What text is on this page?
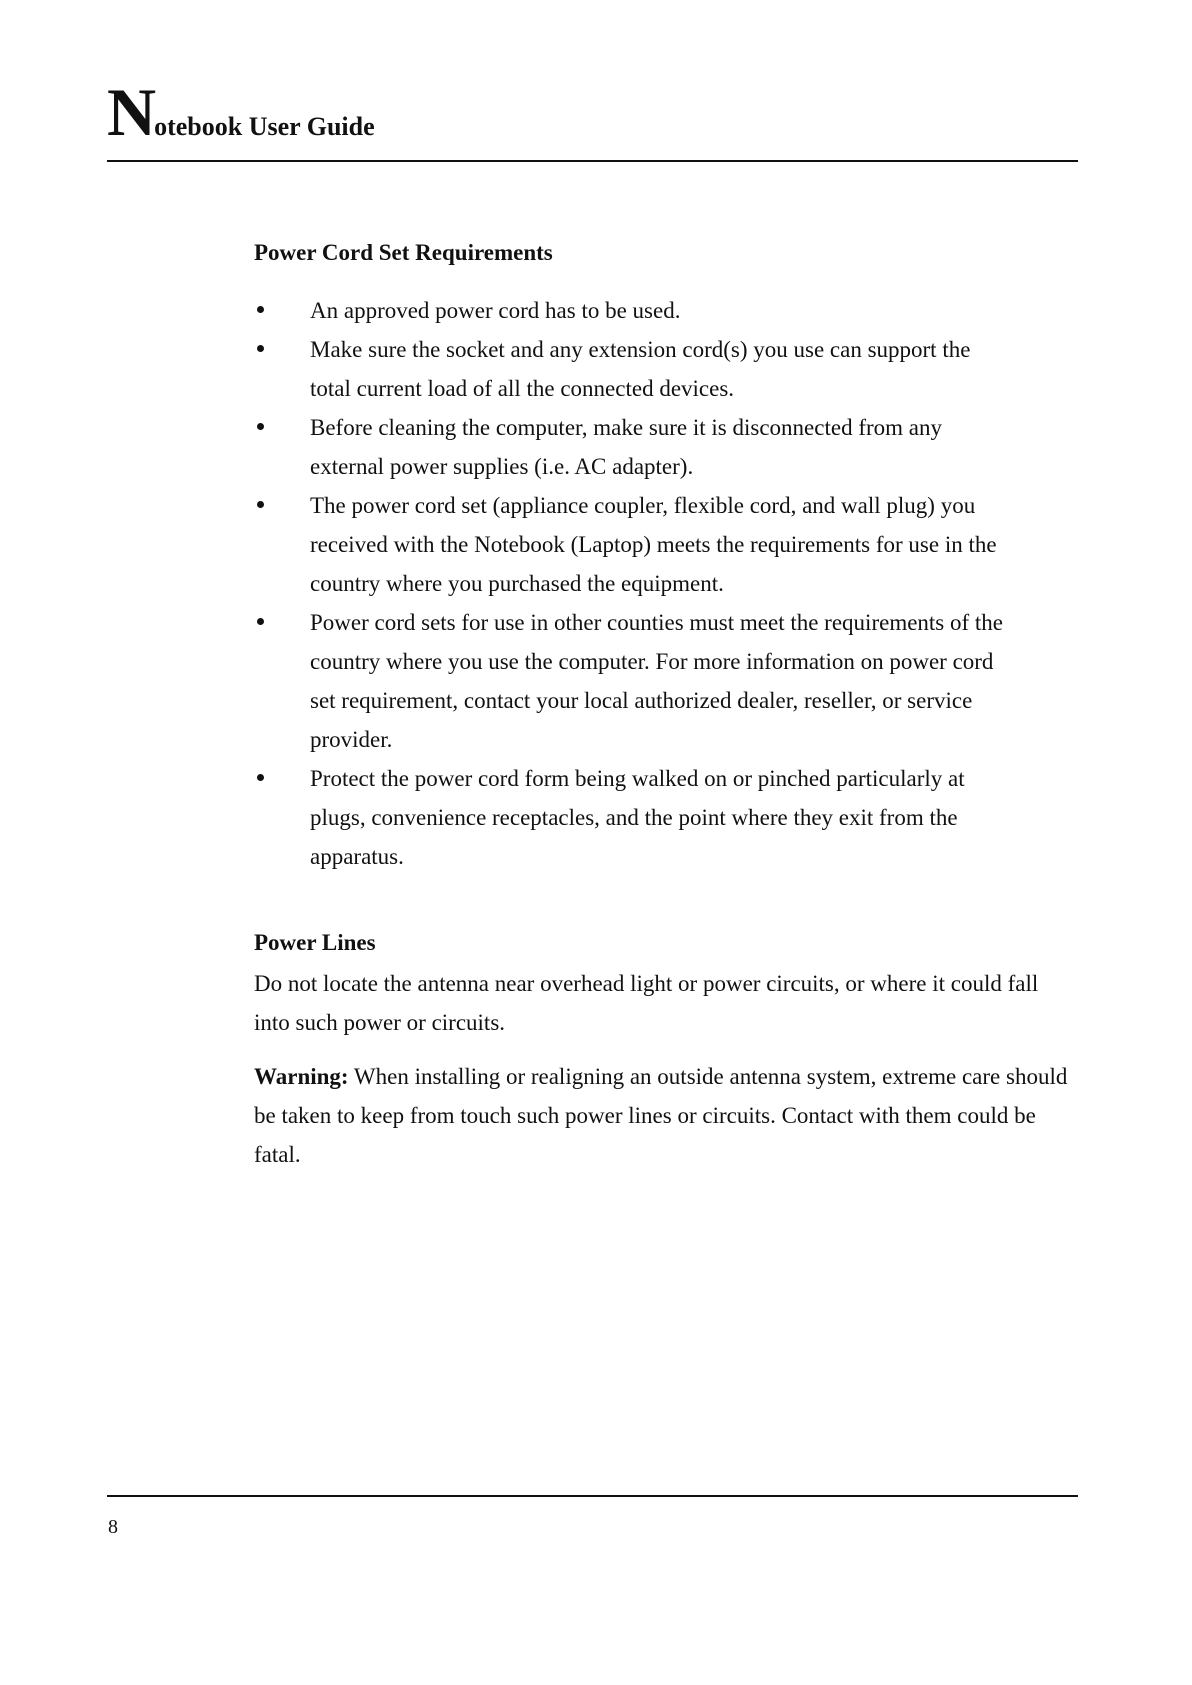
Notebook User Guide
Power Cord Set Requirements
An approved power cord has to be used.
Make sure the socket and any extension cord(s) you use can support the total current load of all the connected devices.
Before cleaning the computer, make sure it is disconnected from any external power supplies (i.e. AC adapter).
The power cord set (appliance coupler, flexible cord, and wall plug) you received with the Notebook (Laptop) meets the requirements for use in the country where you purchased the equipment.
Power cord sets for use in other counties must meet the requirements of the country where you use the computer. For more information on power cord set requirement, contact your local authorized dealer, reseller, or service provider.
Protect the power cord form being walked on or pinched particularly at plugs, convenience receptacles, and the point where they exit from the apparatus.
Power Lines

Do not locate the antenna near overhead light or power circuits, or where it could fall into such power or circuits.

Warning: When installing or realigning an outside antenna system, extreme care should be taken to keep from touch such power lines or circuits. Contact with them could be fatal.

8
